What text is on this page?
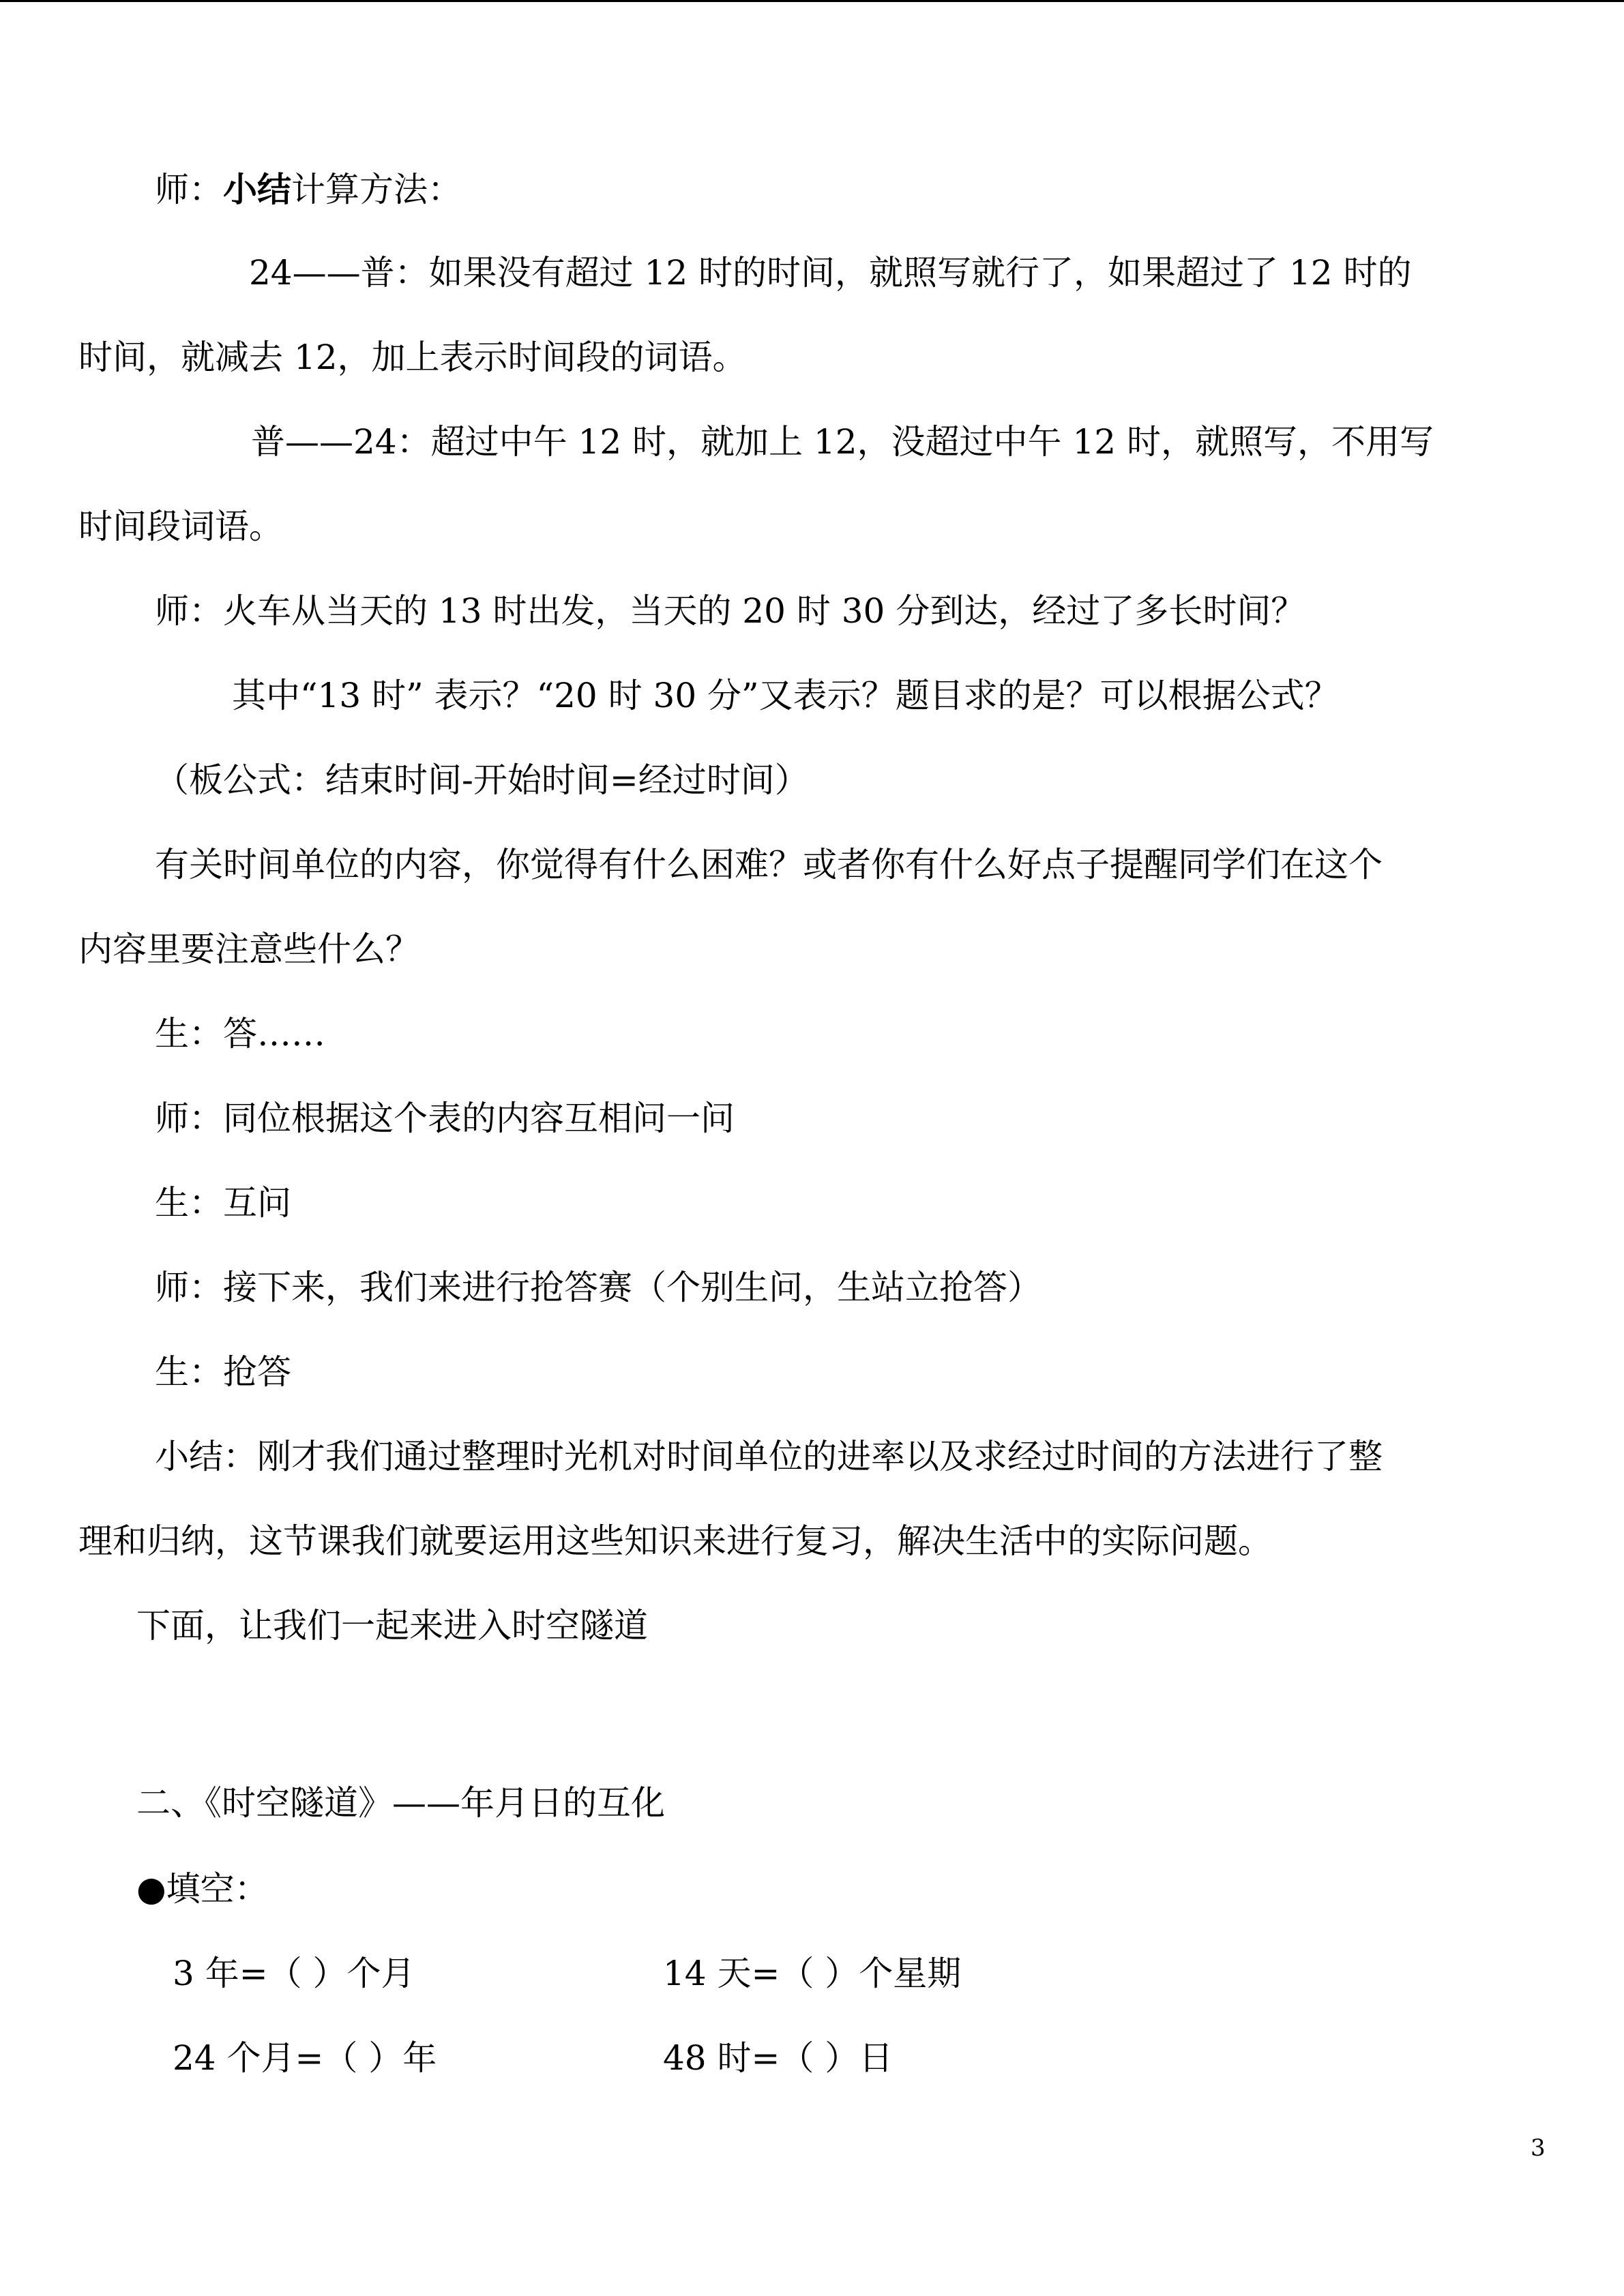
师：小结计算方法：
24——普：如果没有超过 12 时的时间，就照写就行了，如果超过了 12 时的
时间，就减去 12，加上表示时间段的词语。
普——24：超过中午 12 时，就加上 12，没超过中午 12 时，就照写，不用写
时间段词语。
师：火车从当天的 13 时出发，当天的 20 时 30 分到达，经过了多长时间？
其中“13 时” 表示？“20 时 30 分”又表示？题目求的是？可以根据公式？
（板公式：结束时间-开始时间=经过时间）
有关时间单位的内容，你觉得有什么困难？或者你有什么好点子提醒同学们在这个
内容里要注意些什么？
生：答……
师：同位根据这个表的内容互相问一问
生：互问
师：接下来，我们来进行抢答赛（个别生问，生站立抢答）
生：抢答
小结：刚才我们通过整理时光机对时间单位的进率以及求经过时间的方法进行了整
理和归纳，这节课我们就要运用这些知识来进行复习，解决生活中的实际问题。
下面，让我们一起来进入时空隧道
二、《时空隧道》——年月日的互化
●填空：
3 年=（ ）个月	14 天=（ ）个星期
24 个月=（ ）年	48 时=（ ）日
3
